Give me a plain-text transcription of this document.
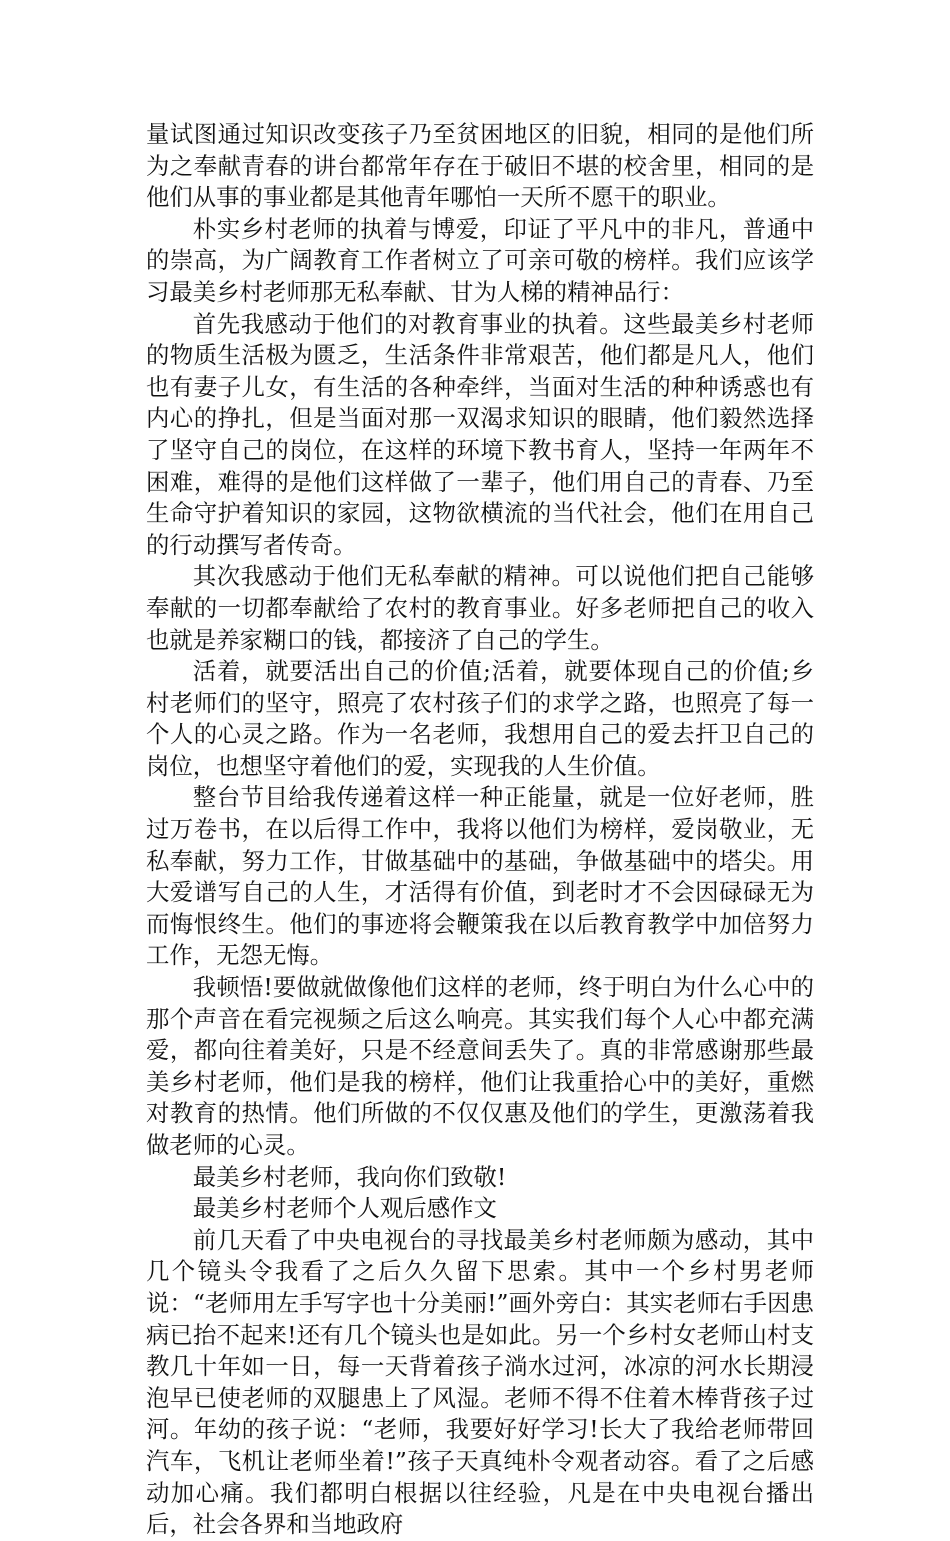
量试图通过知识改变孩子乃至贫困地区的旧貌，相同的是他们所为之奉献青春的讲台都常年存在于破旧不堪的校舍里，相同的是他们从事的事业都是其他青年哪怕一天所不愿干的职业。

朴实乡村老师的执着与博爱，印证了平凡中的非凡，普通中的崇高，为广阔教育工作者树立了可亲可敬的榜样。我们应该学习最美乡村老师那无私奉献、甘为人梯的精神品行：

首先我感动于他们的对教育事业的执着。这些最美乡村老师的物质生活极为匮乏，生活条件非常艰苦，他们都是凡人，他们也有妻子儿女，有生活的各种牵绊，当面对生活的种种诱惑也有内心的挣扎，但是当面对那一双渴求知识的眼睛，他们毅然选择了坚守自己的岗位，在这样的环境下教书育人，坚持一年两年不困难，难得的是他们这样做了一辈子，他们用自己的青春、乃至生命守护着知识的家园，这物欲横流的当代社会，他们在用自己的行动撰写者传奇。

其次我感动于他们无私奉献的精神。可以说他们把自己能够奉献的一切都奉献给了农村的教育事业。好多老师把自己的收入也就是养家糊口的钱，都接济了自己的学生。

活着，就要活出自己的价值;活着，就要体现自己的价值;乡村老师们的坚守，照亮了农村孩子们的求学之路，也照亮了每一个人的心灵之路。作为一名老师，我想用自己的爱去扞卫自己的岗位，也想坚守着他们的爱，实现我的人生价值。

整台节目给我传递着这样一种正能量，就是一位好老师，胜过万卷书，在以后得工作中，我将以他们为榜样，爱岗敬业，无私奉献，努力工作，甘做基础中的基础，争做基础中的塔尖。用大爱谱写自己的人生，才活得有价值，到老时才不会因碌碌无为而悔恨终生。他们的事迹将会鞭策我在以后教育教学中加倍努力工作，无怨无悔。

我顿悟!要做就做像他们这样的老师，终于明白为什么心中的那个声音在看完视频之后这么响亮。其实我们每个人心中都充满爱，都向往着美好，只是不经意间丢失了。真的非常感谢那些最美乡村老师，他们是我的榜样，他们让我重拾心中的美好，重燃对教育的热情。他们所做的不仅仅惠及他们的学生，更激荡着我做老师的心灵。

最美乡村老师，我向你们致敬!

最美乡村老师个人观后感作文

前几天看了中央电视台的寻找最美乡村老师颇为感动，其中几个镜头令我看了之后久久留下思索。其中一个乡村男老师说：“老师用左手写字也十分美丽!”画外旁白：其实老师右手因患病已抬不起来!还有几个镜头也是如此。另一个乡村女老师山村支教几十年如一日，每一天背着孩子淌水过河，冰凉的河水长期浸泡早已使老师的双腿患上了风湿。老师不得不住着木棒背孩子过河。年幼的孩子说：“老师，我要好好学习!长大了我给老师带回汽车，飞机让老师坐着!”孩子天真纯朴令观者动容。看了之后感动加心痛。我们都明白根据以往经验，凡是在中央电视台播出后，社会各界和当地政府
